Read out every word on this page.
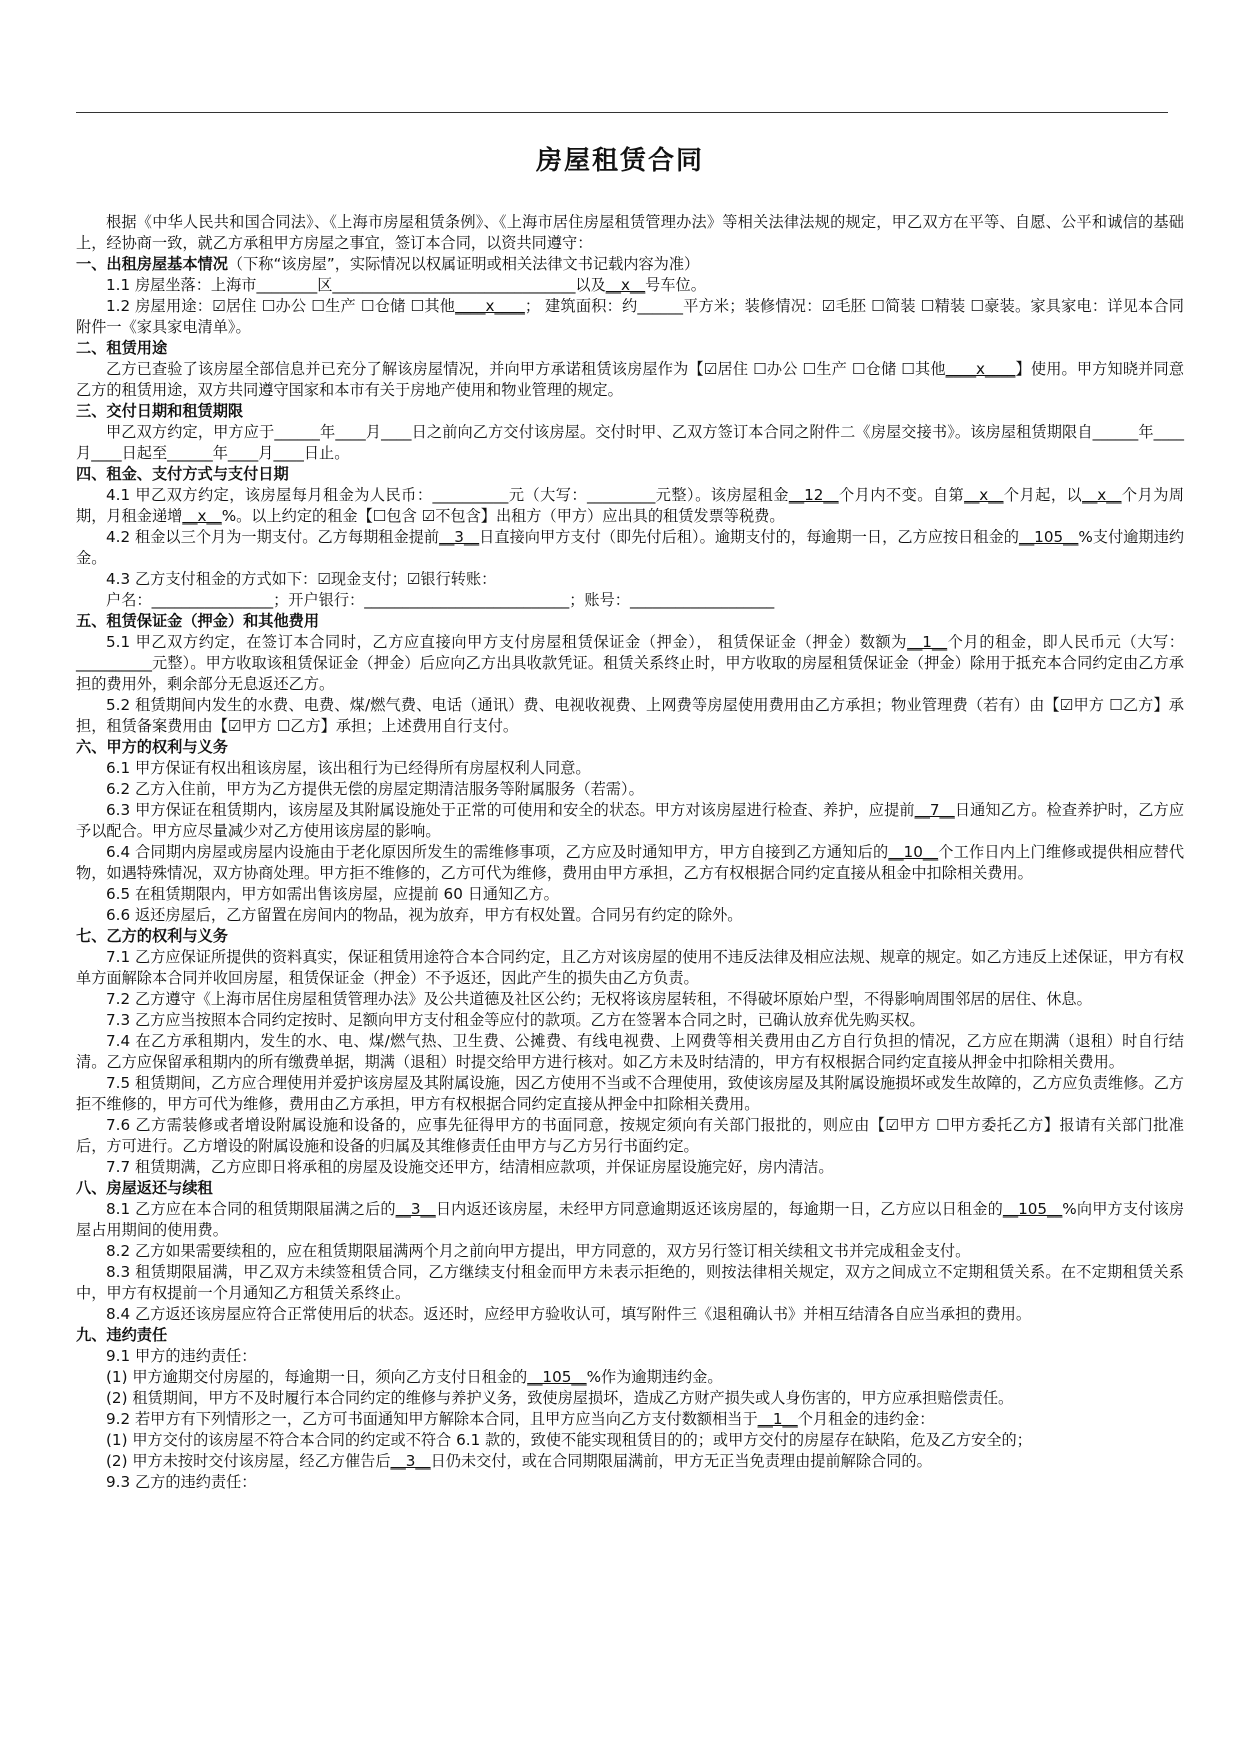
房屋租赁合同

根据《中华人民共和国合同法》、《上海市房屋租赁条例》、《上海市居住房屋租赁管理办法》等相关法律法规的规定，甲乙双方在平等、自愿、公平和诚信的基础上，经协商一致，就乙方承租甲方房屋之事宜，签订本合同，以资共同遵守：

一、出租房屋基本情况（下称“该房屋”，实际情况以权属证明或相关法律文书记载内容为准）

1.1 房屋坐落：上海市________区________________________________以及__x__号车位。

1.2 房屋用途：☑居住 ☐办公 ☐生产 ☐仓储 ☐其他____x____； 建筑面积：约______平方米；装修情况：☑毛胚 ☐简装 ☐精装 ☐豪装。家具家电：详见本合同附件一《家具家电清单》。

二、租赁用途

乙方已查验了该房屋全部信息并已充分了解该房屋情况，并向甲方承诺租赁该房屋作为【☑居住 ☐办公 ☐生产 ☐仓储 ☐其他____x____】使用。甲方知晓并同意乙方的租赁用途，双方共同遵守国家和本市有关于房地产使用和物业管理的规定。

三、交付日期和租赁期限

甲乙双方约定，甲方应于______年____月____日之前向乙方交付该房屋。交付时甲、乙双方签订本合同之附件二《房屋交接书》。该房屋租赁期限自______年____月____日起至______年____月____日止。

四、租金、支付方式与支付日期

4.1 甲乙双方约定，该房屋每月租金为人民币：__________元（大写：_________元整）。该房屋租金__12__个月内不变。自第__x__个月起，以__x__个月为周期，月租金递增__x__%。以上约定的租金【☐包含 ☑不包含】出租方（甲方）应出具的租赁发票等税费。

4.2 租金以三个月为一期支付。乙方每期租金提前__3__日直接向甲方支付（即先付后租）。逾期支付的，每逾期一日，乙方应按日租金的__105__%支付逾期违约金。

4.3 乙方支付租金的方式如下：☑现金支付；☑银行转账：

户名：________________；开户银行：___________________________；账号：___________________

五、租赁保证金（押金）和其他费用

5.1 甲乙双方约定，在签订本合同时，乙方应直接向甲方支付房屋租赁保证金（押金）， 租赁保证金（押金）数额为__1__个月的租金，即人民币元（大写：__________元整）。甲方收取该租赁保证金（押金）后应向乙方出具收款凭证。租赁关系终止时，甲方收取的房屋租赁保证金（押金）除用于抵充本合同约定由乙方承担的费用外，剩余部分无息返还乙方。

5.2 租赁期间内发生的水费、电费、煤/燃气费、电话（通讯）费、电视收视费、上网费等房屋使用费用由乙方承担；物业管理费（若有）由【☑甲方 ☐乙方】承担，租赁备案费用由【☑甲方 ☐乙方】承担；上述费用自行支付。

六、甲方的权利与义务

6.1 甲方保证有权出租该房屋，该出租行为已经得所有房屋权利人同意。

6.2 乙方入住前，甲方为乙方提供无偿的房屋定期清洁服务等附属服务（若需）。

6.3 甲方保证在租赁期内，该房屋及其附属设施处于正常的可使用和安全的状态。甲方对该房屋进行检查、养护，应提前__7__日通知乙方。检查养护时，乙方应予以配合。甲方应尽量减少对乙方使用该房屋的影响。

6.4 合同期内房屋或房屋内设施由于老化原因所发生的需维修事项，乙方应及时通知甲方，甲方自接到乙方通知后的__10__个工作日内上门维修或提供相应替代物，如遇特殊情况，双方协商处理。甲方拒不维修的，乙方可代为维修，费用由甲方承担，乙方有权根据合同约定直接从租金中扣除相关费用。

6.5 在租赁期限内，甲方如需出售该房屋，应提前 60 日通知乙方。

6.6 返还房屋后，乙方留置在房间内的物品，视为放弃，甲方有权处置。合同另有约定的除外。

七、乙方的权利与义务

7.1 乙方应保证所提供的资料真实，保证租赁用途符合本合同约定，且乙方对该房屋的使用不违反法律及相应法规、规章的规定。如乙方违反上述保证，甲方有权单方面解除本合同并收回房屋，租赁保证金（押金）不予返还，因此产生的损失由乙方负责。

7.2 乙方遵守《上海市居住房屋租赁管理办法》及公共道德及社区公约；无权将该房屋转租，不得破坏原始户型，不得影响周围邻居的居住、休息。

7.3 乙方应当按照本合同约定按时、足额向甲方支付租金等应付的款项。乙方在签署本合同之时，已确认放弃优先购买权。

7.4 在乙方承租期内，发生的水、电、煤/燃气热、卫生费、公摊费、有线电视费、上网费等相关费用由乙方自行负担的情况，乙方应在期满（退租）时自行结清。乙方应保留承租期内的所有缴费单据，期满（退租）时提交给甲方进行核对。如乙方未及时结清的，甲方有权根据合同约定直接从押金中扣除相关费用。

7.5 租赁期间，乙方应合理使用并爱护该房屋及其附属设施，因乙方使用不当或不合理使用，致使该房屋及其附属设施损坏或发生故障的，乙方应负责维修。乙方拒不维修的，甲方可代为维修，费用由乙方承担，甲方有权根据合同约定直接从押金中扣除相关费用。

7.6 乙方需装修或者增设附属设施和设备的，应事先征得甲方的书面同意，按规定须向有关部门报批的，则应由【☑甲方 ☐甲方委托乙方】报请有关部门批准后，方可进行。乙方增设的附属设施和设备的归属及其维修责任由甲方与乙方另行书面约定。

7.7 租赁期满，乙方应即日将承租的房屋及设施交还甲方，结清相应款项，并保证房屋设施完好，房内清洁。

八、房屋返还与续租

8.1 乙方应在本合同的租赁期限届满之后的__3__日内返还该房屋，未经甲方同意逾期返还该房屋的，每逾期一日，乙方应以日租金的__105__%向甲方支付该房屋占用期间的使用费。

8.2 乙方如果需要续租的，应在租赁期限届满两个月之前向甲方提出，甲方同意的，双方另行签订相关续租文书并完成租金支付。

8.3 租赁期限届满，甲乙双方未续签租赁合同，乙方继续支付租金而甲方未表示拒绝的，则按法律相关规定，双方之间成立不定期租赁关系。在不定期租赁关系中，甲方有权提前一个月通知乙方租赁关系终止。

8.4 乙方返还该房屋应符合正常使用后的状态。返还时，应经甲方验收认可，填写附件三《退租确认书》并相互结清各自应当承担的费用。

九、违约责任

9.1 甲方的违约责任：

(1) 甲方逾期交付房屋的，每逾期一日，须向乙方支付日租金的__105__%作为逾期违约金。

(2) 租赁期间，甲方不及时履行本合同约定的维修与养护义务，致使房屋损坏，造成乙方财产损失或人身伤害的，甲方应承担赔偿责任。

9.2 若甲方有下列情形之一，乙方可书面通知甲方解除本合同，且甲方应当向乙方支付数额相当于__1__个月租金的违约金：

(1) 甲方交付的该房屋不符合本合同的约定或不符合 6.1 款的，致使不能实现租赁目的的；或甲方交付的房屋存在缺陷，危及乙方安全的；

(2) 甲方未按时交付该房屋，经乙方催告后__3__日仍未交付，或在合同期限届满前，甲方无正当免责理由提前解除合同的。

9.3 乙方的违约责任：
